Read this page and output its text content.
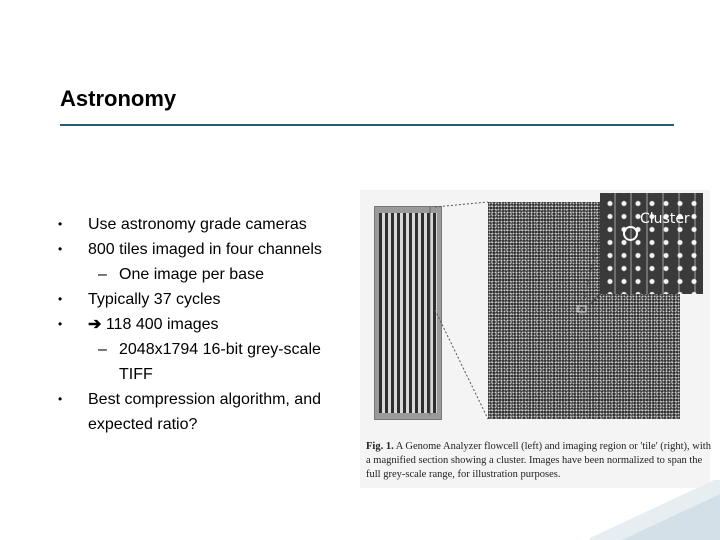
Astronomy
• Use astronomy grade cameras
• 800 tiles imaged in four channels
– One image per base
• Typically 37 cycles
• ➔ 118 400 images
– 2048x1794 16-bit grey-scale TIFF
• Best compression algorithm, and expected ratio?
Cluster
Fig. 1. A Genome Analyzer flowcell (left) and imaging region or 'tile' (right), with a magnified section showing a cluster. Images have been normalized to span the full grey-scale range, for illustration purposes.
